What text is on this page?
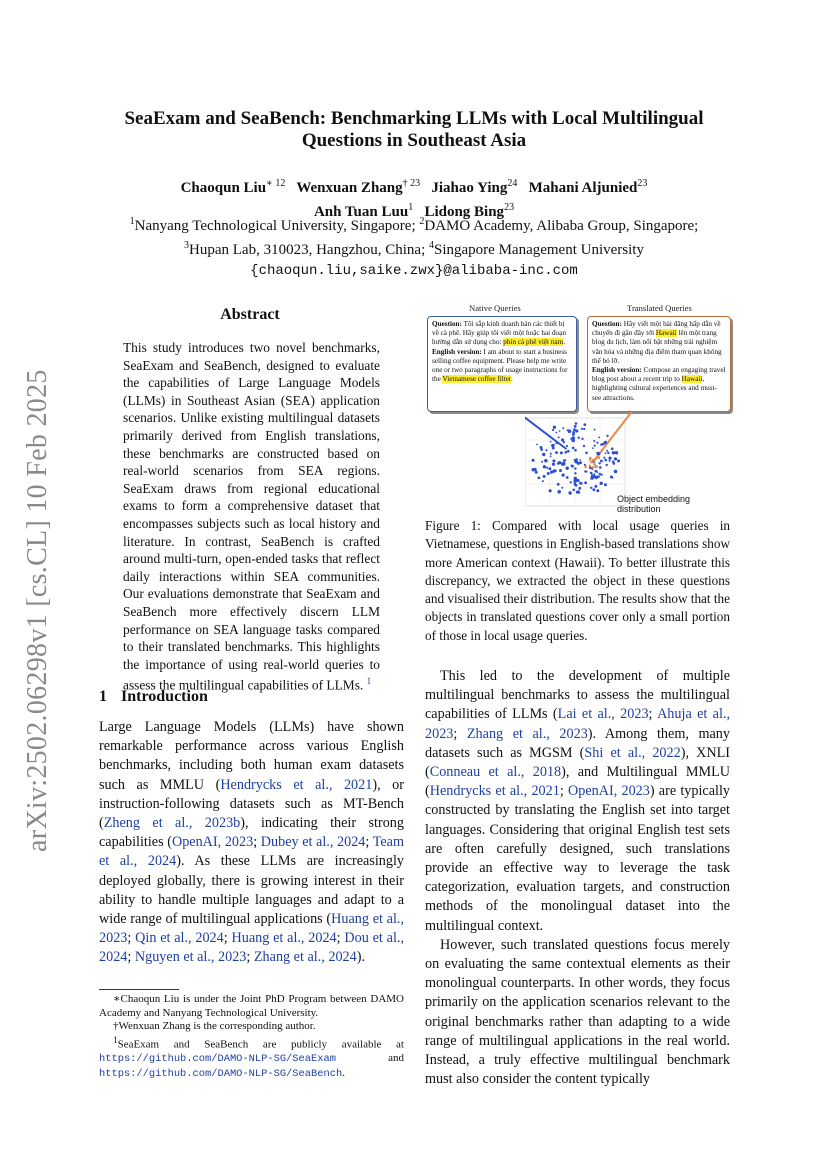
arXiv:2502.06298v1 [cs.CL] 10 Feb 2025
SeaExam and SeaBench: Benchmarking LLMs with Local Multilingual Questions in Southeast Asia
Chaoqun Liu$^{∗ 12}$ Wenxuan Zhang$^{\dagger 23}$ Jiahao Ying$^{24}$ Mahani Aljunied$^{23}$
Anh Tuan Luu$^1$ Lidong Bing$^{23}$
$^1$Nanyang Technological University, Singapore; $^2$DAMO Academy, Alibaba Group, Singapore;
$^3$Hupan Lab, 310023, Hangzhou, China; $^4$Singapore Management University
{chaoqun.liu,saike.zwx}@alibaba-inc.com
Abstract
This study introduces two novel benchmarks, SeaExam and SeaBench, designed to evaluate the capabilities of Large Language Models (LLMs) in Southeast Asian (SEA) application scenarios. Unlike existing multilingual datasets primarily derived from English translations, these benchmarks are constructed based on real-world scenarios from SEA regions. SeaExam draws from regional educational exams to form a comprehensive dataset that encompasses subjects such as local history and literature. In contrast, SeaBench is crafted around multi-turn, open-ended tasks that reflect daily interactions within SEA communities. Our evaluations demonstrate that SeaExam and SeaBench more effectively discern LLM performance on SEA language tasks compared to their translated benchmarks. This highlights the importance of using real-world queries to assess the multilingual capabilities of LLMs. $^1$
1 Introduction
Large Language Models (LLMs) have shown remarkable performance across various English benchmarks, including both human exam datasets such as MMLU (Hendrycks et al., 2021), or instruction-following datasets such as MT-Bench (Zheng et al., 2023b), indicating their strong capabilities (OpenAI, 2023; Dubey et al., 2024; Team et al., 2024). As these LLMs are increasingly deployed globally, there is growing interest in their ability to handle multiple languages and adapt to a wide range of multilingual applications (Huang et al., 2023; Qin et al., 2024; Huang et al., 2024; Dou et al., 2024; Nguyen et al., 2023; Zhang et al., 2024).

∗Chaoqun Liu is under the Joint PhD Program between DAMO Academy and Nanyang Technological University.

†Wenxuan Zhang is the corresponding author.

$^1$SeaExam and SeaBench are publicly available at https://github.com/DAMO-NLP-SG/SeaExam and https://github.com/DAMO-NLP-SG/SeaBench.

Native Queries	Translated Queries
Question: Tôi sắp kinh doanh bán các thiết bị về cà phê. Hãy giúp tôi viết một hoặc hai đoạn hướng dẫn sử dụng cho: phin cà phê việt nam.
English version: I am about to start a business selling coffee equipment. Please help me write one or two paragraphs of usage instructions for the Vietnamese coffee filter.
Question: Hãy viết một bài đăng hấp dẫn về chuyến đi gần đây tới Hawaii lên một trang blog du lịch, làm nổi bật những trải nghiệm văn hóa và những địa điểm tham quan không thể bỏ lỡ.
English version: Compose an engaging travel blog post about a recent trip to Hawaii, highlighting cultural experiences and must-see attractions.
Object embedding distribution
Figure 1: Compared with local usage queries in Vietnamese, questions in English-based translations show more American context (Hawaii). To better illustrate this discrepancy, we extracted the object in these questions and visualised their distribution. The results show that the objects in translated questions cover only a small portion of those in local usage queries.

This led to the development of multiple multilingual benchmarks to assess the multilingual capabilities of LLMs (Lai et al., 2023; Ahuja et al., 2023; Zhang et al., 2023). Among them, many datasets such as MGSM (Shi et al., 2022), XNLI (Conneau et al., 2018), and Multilingual MMLU (Hendrycks et al., 2021; OpenAI, 2023) are typically constructed by translating the English set into target languages. Considering that original English test sets are often carefully designed, such translations provide an effective way to leverage the task categorization, evaluation targets, and construction methods of the monolingual dataset into the multilingual context.

However, such translated questions focus merely on evaluating the same contextual elements as their monolingual counterparts. In other words, they focus primarily on the application scenarios relevant to the original benchmarks rather than adapting to a wide range of multilingual applications in the real world. Instead, a truly effective multilingual benchmark must also consider the content typically
